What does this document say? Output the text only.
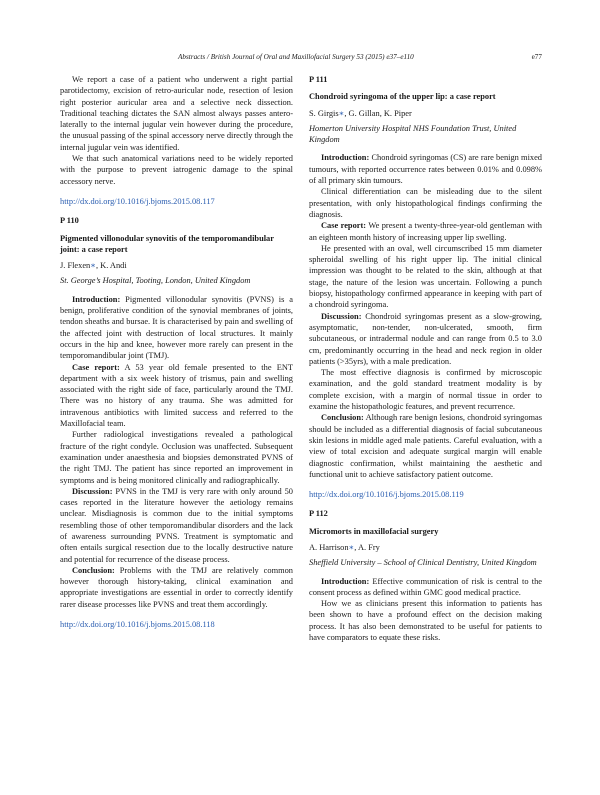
Abstracts / British Journal of Oral and Maxillofacial Surgery 53 (2015) e37–e110	e77

We report a case of a patient who underwent a right partial parotidectomy, excision of retro-auricular node, resection of lesion right posterior auricular area and a selective neck dissection. Traditional teaching dictates the SAN almost always passes antero-laterally to the internal jugular vein however during the procedure, the unusual passing of the spinal accessory nerve directly through the internal jugular vein was identified.

We that such anatomical variations need to be widely reported with the purpose to prevent iatrogenic damage to the spinal accessory nerve.

http://dx.doi.org/10.1016/j.bjoms.2015.08.117
P 110
Pigmented villonodular synovitis of the temporomandibular joint: a case report
J. Flexen∗, K. Andi
St. George’s Hospital, Tooting, London, United Kingdom

Introduction: Pigmented villonodular synovitis (PVNS) is a benign, proliferative condition of the synovial membranes of joints, tendon sheaths and bursae. It is characterised by pain and swelling of the affected joint with destruction of local structures. It mainly occurs in the hip and knee, however more rarely can present in the temporomandibular joint (TMJ).

Case report: A 53 year old female presented to the ENT department with a six week history of trismus, pain and swelling associated with the right side of face, particularly around the TMJ. There was no history of any trauma. She was admitted for intravenous antibiotics with limited success and referred to the Maxillofacial team.

Further radiological investigations revealed a pathological fracture of the right condyle. Occlusion was unaffected. Subsequent examination under anaesthesia and biopsies demonstrated PVNS of the right TMJ. The patient has since reported an improvement in symptoms and is being monitored clinically and radiographically.

Discussion: PVNS in the TMJ is very rare with only around 50 cases reported in the literature however the aetiology remains unclear. Misdiagnosis is common due to the initial symptoms resembling those of other temporomandibular disorders and the lack of awareness surrounding PVNS. Treatment is symptomatic and often entails surgical resection due to the locally destructive nature and potential for recurrence of the disease process.

Conclusion: Problems with the TMJ are relatively common however thorough history-taking, clinical examination and appropriate investigations are essential in order to correctly identify rarer disease processes like PVNS and treat them accordingly.

http://dx.doi.org/10.1016/j.bjoms.2015.08.118
P 111
Chondroid syringoma of the upper lip: a case report
S. Girgis∗, G. Gillan, K. Piper
Homerton University Hospital NHS Foundation Trust, United Kingdom

Introduction: Chondroid syringomas (CS) are rare benign mixed tumours, with reported occurrence rates between 0.01% and 0.098% of all primary skin tumours.

Clinical differentiation can be misleading due to the silent presentation, with only histopathological findings confirming the diagnosis.

Case report: We present a twenty-three-year-old gentleman with an eighteen month history of increasing upper lip swelling.

He presented with an oval, well circumscribed 15 mm diameter spheroidal swelling of his right upper lip. The initial clinical impression was thought to be related to the skin, although at that stage, the nature of the lesion was uncertain. Following a punch biopsy, histopathology confirmed appearance in keeping with part of a chondroid syringoma.

Discussion: Chondroid syringomas present as a slow-growing, asymptomatic, non-tender, non-ulcerated, smooth, firm subcutaneous, or intradermal nodule and can range from 0.5 to 3.0 cm, predominantly occurring in the head and neck region in older patients (>35yrs), with a male predication.

The most effective diagnosis is confirmed by microscopic examination, and the gold standard treatment modality is by complete excision, with a margin of normal tissue in order to examine the histopathologic features, and prevent recurrence.

Conclusion: Although rare benign lesions, chondroid syringomas should be included as a differential diagnosis of facial subcutaneous skin lesions in middle aged male patients. Careful evaluation, with a view of total excision and adequate surgical margin will enable diagnostic confirmation, whilst maintaining the aesthetic and functional unit to achieve satisfactory patient outcome.

http://dx.doi.org/10.1016/j.bjoms.2015.08.119
P 112
Micromorts in maxillofacial surgery
A. Harrison∗, A. Fry
Sheffield University – School of Clinical Dentistry, United Kingdom

Introduction: Effective communication of risk is central to the consent process as defined within GMC good medical practice.

How we as clinicians present this information to patients has been shown to have a profound effect on the decision making process. It has also been demonstrated to be useful for patients to have comparators to equate these risks.
